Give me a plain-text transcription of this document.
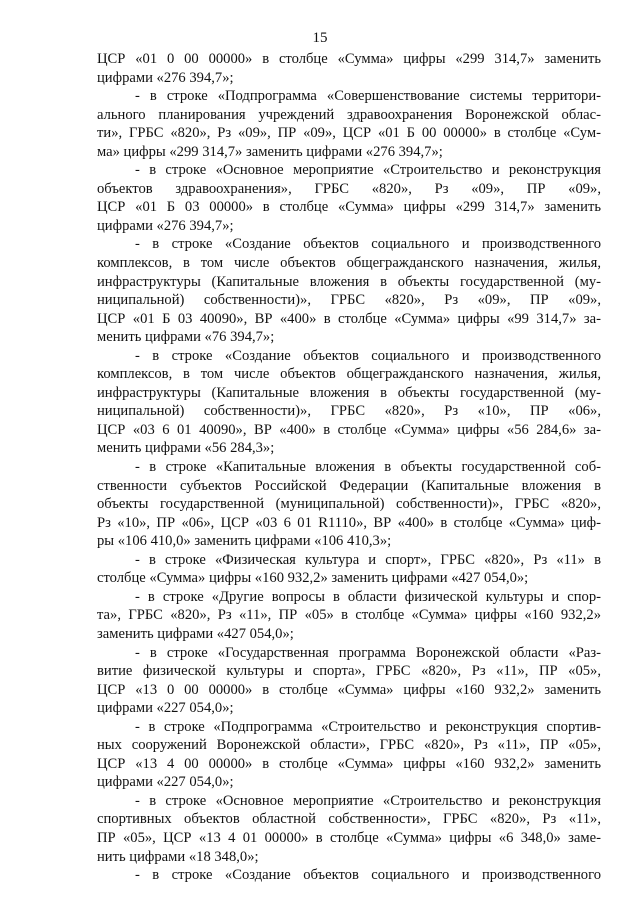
15
ЦСР «01 0 00 00000» в столбце «Сумма» цифры «299 314,7» заменить
цифрами «276 394,7»;
- в строке «Подпрограмма «Совершенствование системы территори-
ального планирования учреждений здравоохранения Воронежской облас-
ти», ГРБС «820», Рз «09», ПР «09», ЦСР «01 Б 00 00000» в столбце «Сум-
ма» цифры «299 314,7» заменить цифрами «276 394,7»;
- в строке «Основное мероприятие «Строительство и реконструкция
объектов здравоохранения», ГРБС «820», Рз «09», ПР «09»,
ЦСР «01 Б 03 00000» в столбце «Сумма» цифры «299 314,7» заменить
цифрами «276 394,7»;
- в строке «Создание объектов социального и производственного
комплексов, в том числе объектов общегражданского назначения, жилья,
инфраструктуры (Капитальные вложения в объекты государственной (му-
ниципальной) собственности)», ГРБС «820», Рз «09», ПР «09»,
ЦСР «01 Б 03 40090», ВР «400» в столбце «Сумма» цифры «99 314,7» за-
менить цифрами «76 394,7»;
- в строке «Создание объектов социального и производственного
комплексов, в том числе объектов общегражданского назначения, жилья,
инфраструктуры (Капитальные вложения в объекты государственной (му-
ниципальной) собственности)», ГРБС «820», Рз «10», ПР «06»,
ЦСР «03 6 01 40090», ВР «400» в столбце «Сумма» цифры «56 284,6» за-
менить цифрами «56 284,3»;
- в строке «Капитальные вложения в объекты государственной соб-
ственности субъектов Российской Федерации (Капитальные вложения в
объекты государственной (муниципальной) собственности)», ГРБС «820»,
Рз «10», ПР «06», ЦСР «03 6 01 R1110», ВР «400» в столбце «Сумма» циф-
ры «106 410,0» заменить цифрами «106 410,3»;
- в строке «Физическая культура и спорт», ГРБС «820», Рз «11» в
столбце «Сумма» цифры «160 932,2» заменить цифрами «427 054,0»;
- в строке «Другие вопросы в области физической культуры и спор-
та», ГРБС «820», Рз «11», ПР «05» в столбце «Сумма» цифры «160 932,2»
заменить цифрами «427 054,0»;
- в строке «Государственная программа Воронежской области «Раз-
витие физической культуры и спорта», ГРБС «820», Рз «11», ПР «05»,
ЦСР «13 0 00 00000» в столбце «Сумма» цифры «160 932,2» заменить
цифрами «227 054,0»;
- в строке «Подпрограмма «Строительство и реконструкция спортив-
ных сооружений Воронежской области», ГРБС «820», Рз «11», ПР «05»,
ЦСР «13 4 00 00000» в столбце «Сумма» цифры «160 932,2» заменить
цифрами «227 054,0»;
- в строке «Основное мероприятие «Строительство и реконструкция
спортивных объектов областной собственности», ГРБС «820», Рз «11»,
ПР «05», ЦСР «13 4 01 00000» в столбце «Сумма» цифры «6 348,0» заме-
нить цифрами «18 348,0»;
- в строке «Создание объектов социального и производственного
